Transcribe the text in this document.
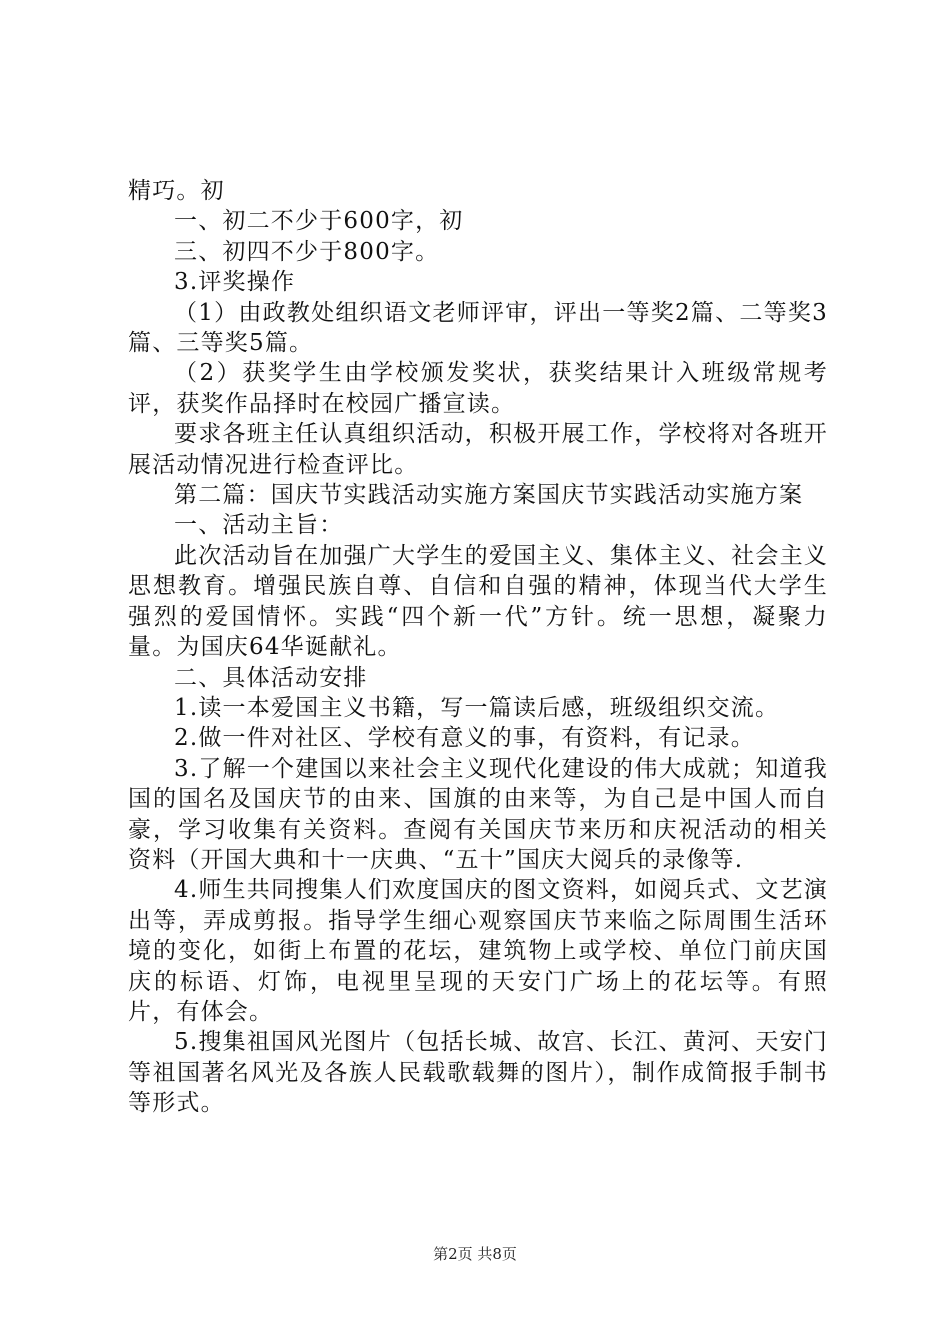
精巧。初

一、初二不少于600字，初

三、初四不少于800字。

3.评奖操作

（1）由政教处组织语文老师评审，评出一等奖2篇、二等奖3篇、三等奖5篇。

（2）获奖学生由学校颁发奖状，获奖结果计入班级常规考评，获奖作品择时在校园广播宣读。

要求各班主任认真组织活动，积极开展工作，学校将对各班开展活动情况进行检查评比。

第二篇：国庆节实践活动实施方案国庆节实践活动实施方案

一、活动主旨：

此次活动旨在加强广大学生的爱国主义、集体主义、社会主义思想教育。增强民族自尊、自信和自强的精神，体现当代大学生强烈的爱国情怀。实践“四个新一代”方针。统一思想，凝聚力量。为国庆64华诞献礼。

二、具体活动安排

1.读一本爱国主义书籍，写一篇读后感，班级组织交流。

2.做一件对社区、学校有意义的事，有资料，有记录。

3.了解一个建国以来社会主义现代化建设的伟大成就；知道我国的国名及国庆节的由来、国旗的由来等，为自己是中国人而自豪，学习收集有关资料。查阅有关国庆节来历和庆祝活动的相关资料（开国大典和十一庆典、“五十”国庆大阅兵的录像等.

4.师生共同搜集人们欢度国庆的图文资料，如阅兵式、文艺演出等，弄成剪报。指导学生细心观察国庆节来临之际周围生活环境的变化，如街上布置的花坛，建筑物上或学校、单位门前庆国庆的标语、灯饰，电视里呈现的天安门广场上的花坛等。有照片，有体会。

5.搜集祖国风光图片（包括长城、故宫、长江、黄河、天安门等祖国著名风光及各族人民载歌载舞的图片），制作成简报手制书等形式。

第2页 共8页
